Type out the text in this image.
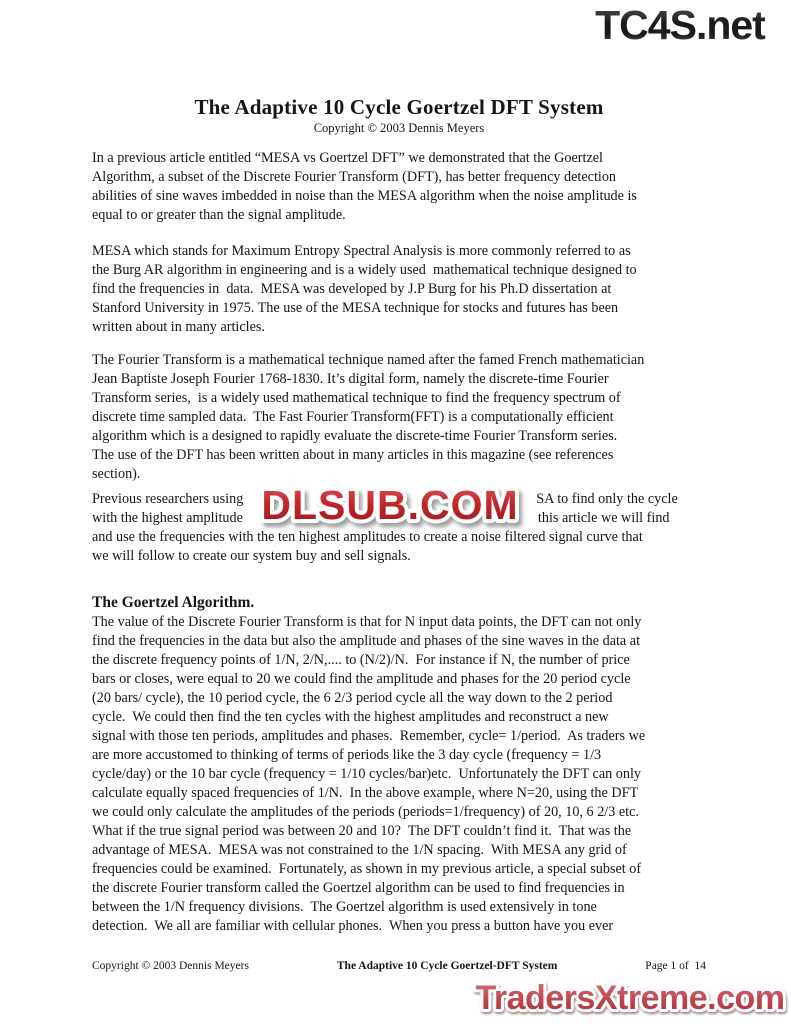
TC4S.net
The Adaptive 10 Cycle Goertzel DFT System
Copyright © 2003 Dennis Meyers
In a previous article entitled “MESA vs Goertzel DFT” we demonstrated that the Goertzel
Algorithm, a subset of the Discrete Fourier Transform (DFT), has better frequency detection
abilities of sine waves imbedded in noise than the MESA algorithm when the noise amplitude is
equal to or greater than the signal amplitude.
MESA which stands for Maximum Entropy Spectral Analysis is more commonly referred to as
the Burg AR algorithm in engineering and is a widely used  mathematical technique designed to
find the frequencies in  data.  MESA was developed by J.P Burg for his Ph.D dissertation at
Stanford University in 1975. The use of the MESA technique for stocks and futures has been
written about in many articles.
The Fourier Transform is a mathematical technique named after the famed French mathematician
Jean Baptiste Joseph Fourier 1768-1830. It’s digital form, namely the discrete-time Fourier
Transform series,  is a widely used mathematical technique to find the frequency spectrum of
discrete time sampled data.  The Fast Fourier Transform(FFT) is a computationally efficient
algorithm which is a designed to rapidly evaluate the discrete-time Fourier Transform series.
The use of the DFT has been written about in many articles in this magazine (see references
section).
Previous researchers using	SA to find only the cycle
with the highest amplitude	this article we will find
and use the frequencies with the ten highest amplitudes to create a noise filtered signal curve that
we will follow to create our system buy and sell signals.
The Goertzel Algorithm.
The value of the Discrete Fourier Transform is that for N input data points, the DFT can not only
find the frequencies in the data but also the amplitude and phases of the sine waves in the data at
the discrete frequency points of 1/N, 2/N,.... to (N/2)/N.  For instance if N, the number of price
bars or closes, were equal to 20 we could find the amplitude and phases for the 20 period cycle
(20 bars/ cycle), the 10 period cycle, the 6 2/3 period cycle all the way down to the 2 period
cycle.  We could then find the ten cycles with the highest amplitudes and reconstruct a new
signal with those ten periods, amplitudes and phases.  Remember, cycle= 1/period.  As traders we
are more accustomed to thinking of terms of periods like the 3 day cycle (frequency = 1/3
cycle/day) or the 10 bar cycle (frequency = 1/10 cycles/bar)etc.  Unfortunately the DFT can only
calculate equally spaced frequencies of 1/N.  In the above example, where N=20, using the DFT
we could only calculate the amplitudes of the periods (periods=1/frequency) of 20, 10, 6 2/3 etc.
What if the true signal period was between 20 and 10?  The DFT couldn’t find it.  That was the
advantage of MESA.  MESA was not constrained to the 1/N spacing.  With MESA any grid of
frequencies could be examined.  Fortunately, as shown in my previous article, a special subset of
the discrete Fourier transform called the Goertzel algorithm can be used to find frequencies in
between the 1/N frequency divisions.  The Goertzel algorithm is used extensively in tone
detection.  We all are familiar with cellular phones.  When you press a button have you ever
DLSUB.COM
Copyright © 2003 Dennis Meyers	The Adaptive 10 Cycle Goertzel-DFT System	Page 1 of  14
TradersXtreme.com
